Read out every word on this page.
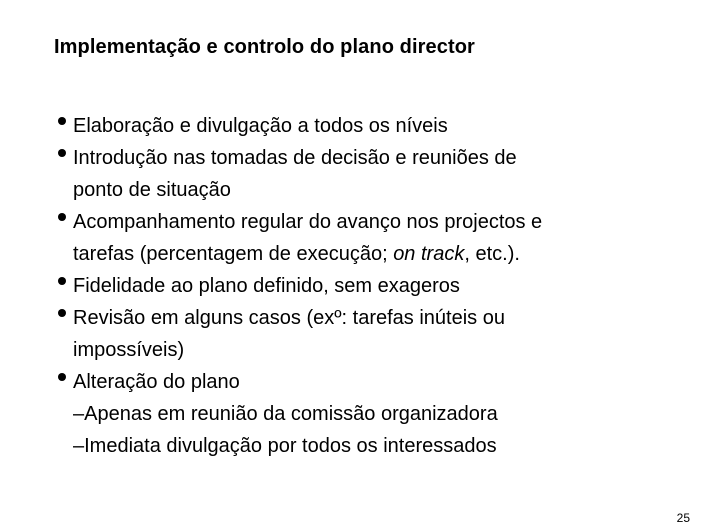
Implementação e controlo do plano director
Elaboração e divulgação a todos os níveis
Introdução nas tomadas de decisão e reuniões de
ponto de situação
Acompanhamento regular do avanço nos projectos e
tarefas (percentagem de execução; on track, etc.).
Fidelidade ao plano definido, sem exageros
Revisão em alguns casos (exº: tarefas inúteis ou
impossíveis)
Alteração do plano
–Apenas em reunião da comissão organizadora
–Imediata divulgação por todos os interessados
25
